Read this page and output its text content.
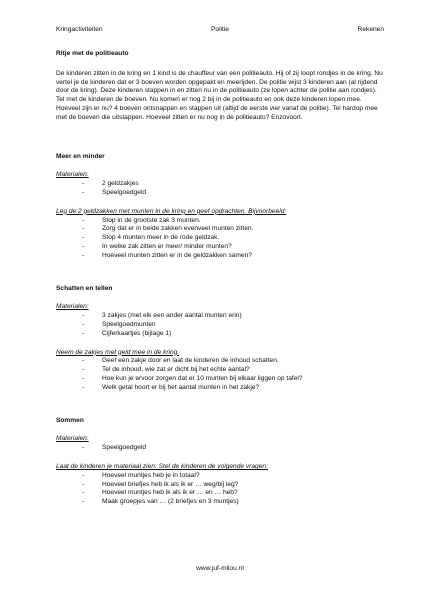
Kringactiviteiten	Politie	Rekenen

Ritje met de politieauto

De kinderen zitten in de kring en 1 kind is de chauffeur van een politieauto. Hij of zij loopt rondjes in de kring. Nu vertel je de kinderen dat er 3 boeven worden opgepakt en meerijden. De politie wijst 3 kinderen aan (al rijdend door de kring). Deze kinderen stappen in en zitten nu in de politieauto (ze lopen achter de politie aan rondjes). Tel met de kinderen de boeven. Nu komen er nog 2 bij in de politieauto en ook deze kinderen lopen mee. Hoeveel zijn er nu? 4 boeven ontsnappen en stappen uit (altijd de eerste vier vanaf de politie). Tel hardop mee met de boeven die uitstappen. Hoeveel zitten er nu nog in de politieauto? Enzovoort.

Meer en minder

Materialen:

-	2 geldzakjes
-	Speelgoedgeld

Leg de 2 geldzakken met munten in de kring en geef opdrachten. Bijvoorbeeld:

-	Stop in de grootste zak 3 munten.
-	Zorg dat er in beide zakken evenveel munten zitten.
-	Stop 4 munten meer in de rode geldzak.
-	In welke zak zitten er meer/ minder munten?
-	Hoeveel munten zitten er in de geldzakken samen?

Schatten en tellen

Materialen:

-	3 zakjes (met elk een ander aantal munten erin)
-	Speelgoedmunten
-	Cijferkaartjes (bijlage 1)

Neem de zakjes met geld mee in de kring.

-	Geef een zakje door en laat de kinderen de inhoud schatten.
-	Tel de inhoud, wie zat er dicht bij het echte aantal?
-	Hoe kun je ervoor zorgen dat er 10 munten bij elkaar liggen op tafel?
-	Welk getal hoort er bij het aantal munten in het zakje?

Sommen

Materialen:

-	Speelgoedgeld

Laat de kinderen je materiaal zien. Stel de kinderen de volgende vragen:

-	Hoeveel muntjes heb je in totaal?
-	Hoeveel briefjes heb ik als ik er … weg/bij leg?
-	Hoeveel muntjes heb ik als ik er … en … heb?
-	Maak groepjes van … (2 briefjes en 3 muntjes)
www.juf-milou.nl
